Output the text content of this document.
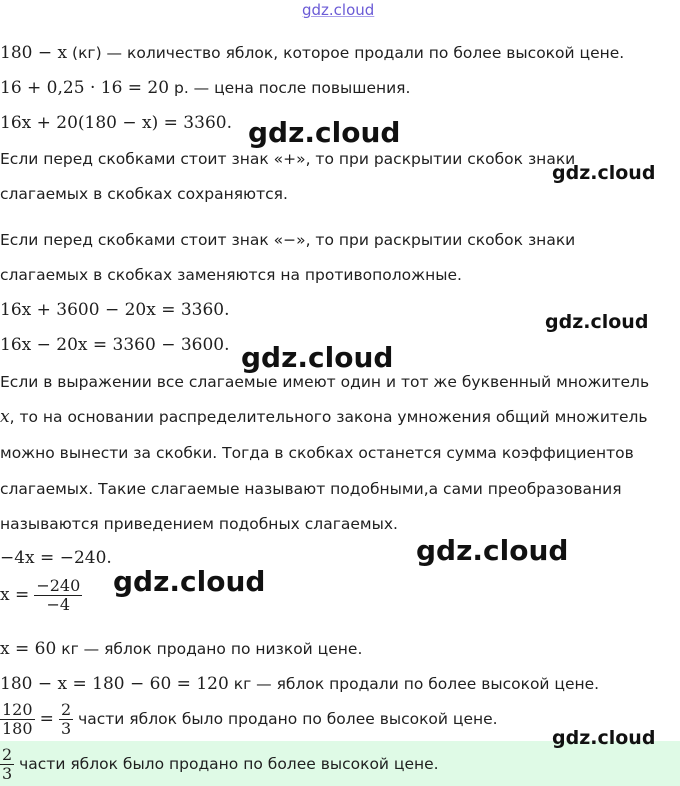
gdz.cloud
180 − x (кг) — количество яблок, которое продали по более высокой цене.
16 + 0,25 · 16 = 20 р. — цена после повышения.
16x + 20(180 − x) = 3360. gdz.cloud
Если перед скобками стоит знак «+», то при раскрытии скобок знаки
gdz.cloud
слагаемых в скобках сохраняются.
Если перед скобками стоит знак «−», то при раскрытии скобок знаки
слагаемых в скобках заменяются на противоположные.
16x + 3600 − 20x = 3360.
gdz.cloud
16x − 20x = 3360 − 3600. gdz.cloud
Если в выражении все слагаемые имеют один и тот же буквенный множитель
x, то на основании распределительного закона умножения общий множитель
можно вынести за скобки. Тогда в скобках останется сумма коэффициентов
слагаемых. Такие слагаемые называют подобными,а сами преобразования
называются приведением подобных слагаемых.
−4x = −240.	gdz.cloud
$x = \frac{-240}{-4}$ gdz.cloud
x = 60 кг — яблок продано по низкой цене.
180 − x = 180 − 60 = 120 кг — яблок продали по более высокой цене.
$\frac{120}{180} = \frac{2}{3}$ части яблок было продано по более высокой цене.
gdz.cloud
$\frac{2}{3}$ части яблок было продано по более высокой цене.
